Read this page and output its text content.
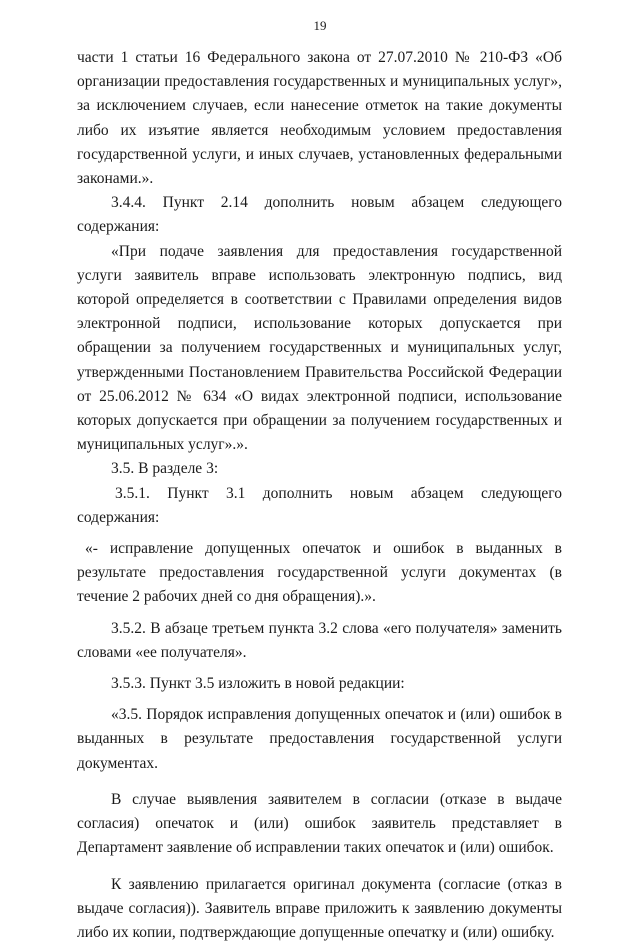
19

части 1 статьи 16 Федерального закона от 27.07.2010 № 210-ФЗ «Об организации предоставления государственных и муниципальных услуг», за исключением случаев, если нанесение отметок на такие документы либо их изъятие является необходимым условием предоставления государственной услуги, и иных случаев, установленных федеральными законами.».

3.4.4. Пункт 2.14 дополнить новым абзацем следующего содержания:

«При подаче заявления для предоставления государственной услуги заявитель вправе использовать электронную подпись, вид которой определяется в соответствии с Правилами определения видов электронной подписи, использование которых допускается при обращении за получением государственных и муниципальных услуг, утвержденными Постановлением Правительства Российской Федерации от 25.06.2012 № 634 «О видах электронной подписи, использование которых допускается при обращении за получением государственных и муниципальных услуг».».

3.5. В разделе 3:

3.5.1. Пункт 3.1 дополнить новым абзацем следующего содержания:

«- исправление допущенных опечаток и ошибок в выданных в результате предоставления государственной услуги документах (в течение 2 рабочих дней со дня обращения).».

3.5.2. В абзаце третьем пункта 3.2 слова «его получателя» заменить словами «ее получателя».

3.5.3. Пункт 3.5 изложить в новой редакции:

«3.5. Порядок исправления допущенных опечаток и (или) ошибок в выданных в результате предоставления государственной услуги документах.

В случае выявления заявителем в согласии (отказе в выдаче согласия) опечаток и (или) ошибок заявитель представляет в Департамент заявление об исправлении таких опечаток и (или) ошибок.

К заявлению прилагается оригинал документа (согласие (отказ в выдаче согласия)). Заявитель вправе приложить к заявлению документы либо их копии, подтверждающие допущенные опечатку и (или) ошибку.
